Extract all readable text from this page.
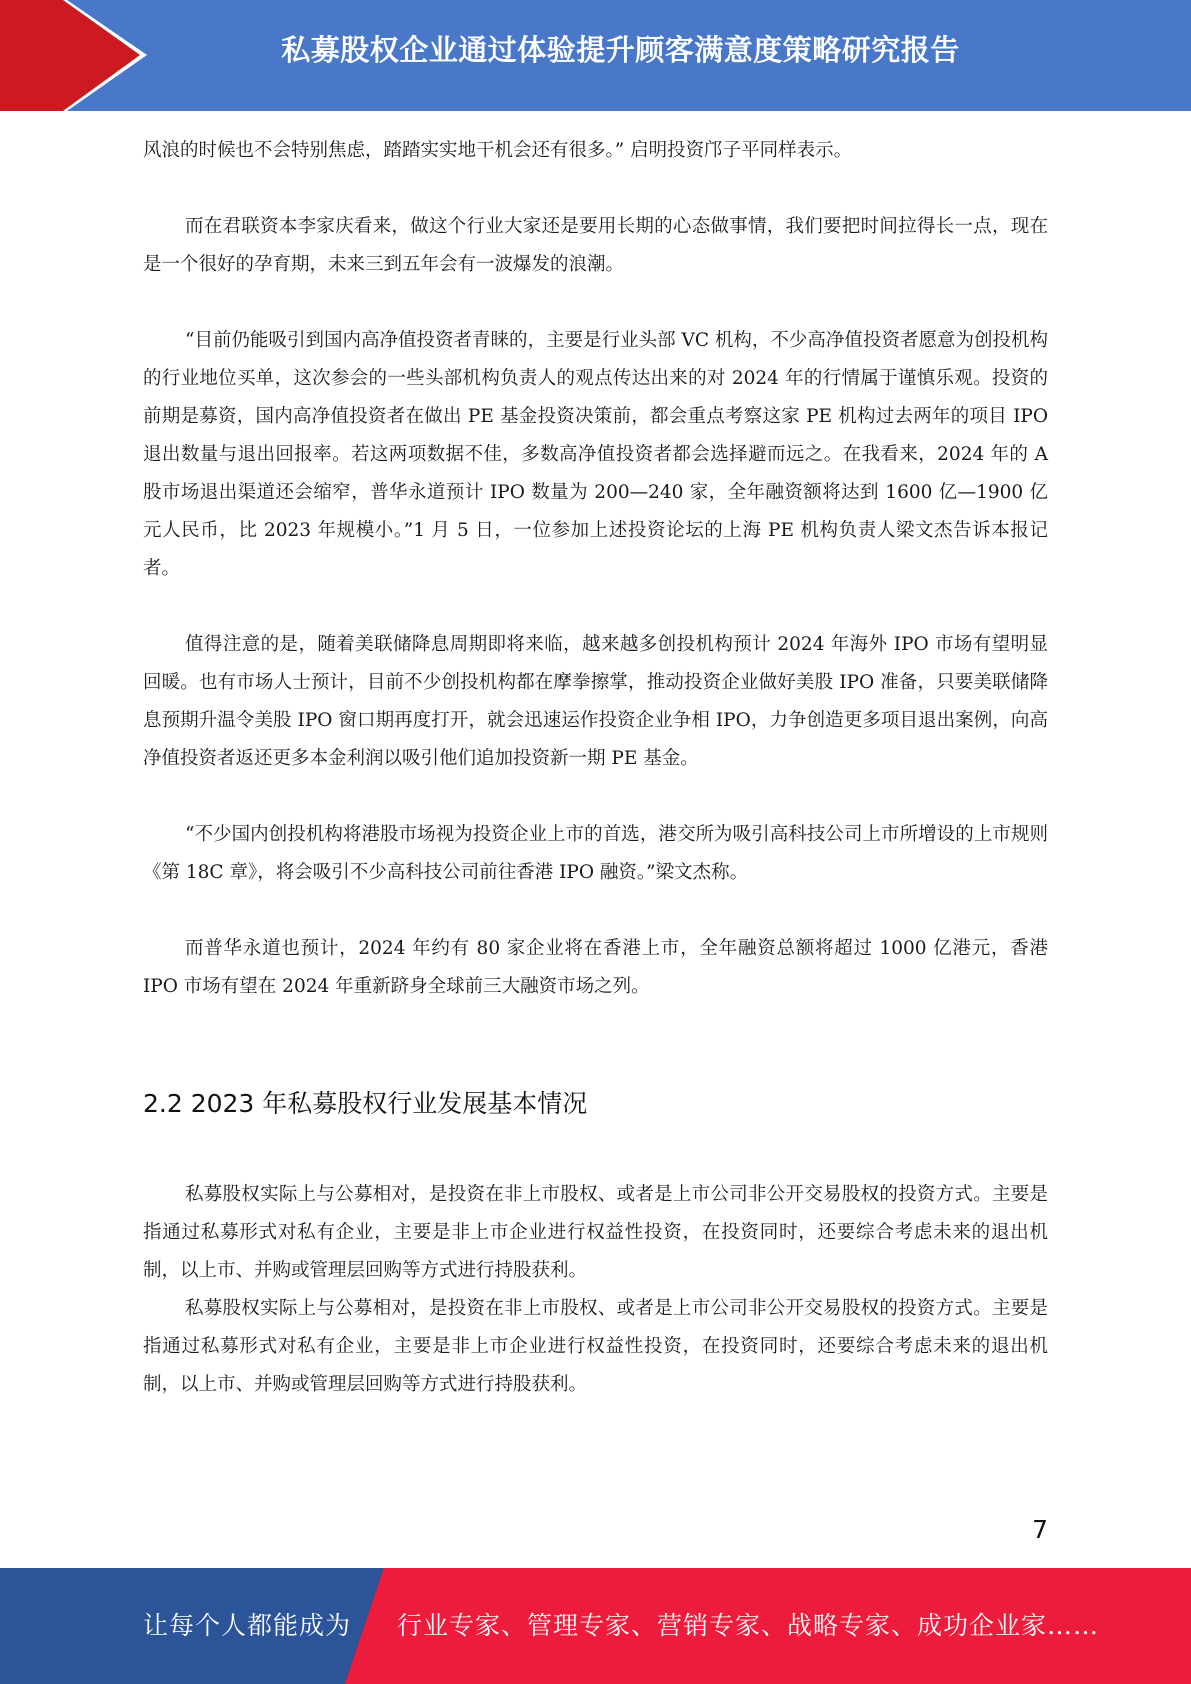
私募股权企业通过体验提升顾客满意度策略研究报告

风浪的时候也不会特别焦虑，踏踏实实地干机会还有很多。” 启明投资邝子平同样表示。

而在君联资本李家庆看来，做这个行业大家还是要用长期的心态做事情，我们要把时间拉得长一点，现在是一个很好的孕育期，未来三到五年会有一波爆发的浪潮。

“目前仍能吸引到国内高净值投资者青睐的，主要是行业头部 VC 机构，不少高净值投资者愿意为创投机构的行业地位买单，这次参会的一些头部机构负责人的观点传达出来的对 2024 年的行情属于谨慎乐观。投资的前期是募资，国内高净值投资者在做出 PE 基金投资决策前，都会重点考察这家 PE 机构过去两年的项目 IPO 退出数量与退出回报率。若这两项数据不佳，多数高净值投资者都会选择避而远之。在我看来，2024 年的 A 股市场退出渠道还会缩窄，普华永道预计 IPO 数量为 200—240 家，全年融资额将达到 1600 亿—1900 亿元人民币，比 2023 年规模小。”1 月 5 日，一位参加上述投资论坛的上海 PE 机构负责人梁文杰告诉本报记者。

值得注意的是，随着美联储降息周期即将来临，越来越多创投机构预计 2024 年海外 IPO 市场有望明显回暖。也有市场人士预计，目前不少创投机构都在摩拳擦掌，推动投资企业做好美股 IPO 准备，只要美联储降息预期升温令美股 IPO 窗口期再度打开，就会迅速运作投资企业争相 IPO，力争创造更多项目退出案例，向高净值投资者返还更多本金利润以吸引他们追加投资新一期 PE 基金。

“不少国内创投机构将港股市场视为投资企业上市的首选，港交所为吸引高科技公司上市所增设的上市规则《第 18C 章》，将会吸引不少高科技公司前往香港 IPO 融资。”梁文杰称。

而普华永道也预计，2024 年约有 80 家企业将在香港上市，全年融资总额将超过 1000 亿港元，香港 IPO 市场有望在 2024 年重新跻身全球前三大融资市场之列。

2.2 2023 年私募股权行业发展基本情况

私募股权实际上与公募相对，是投资在非上市股权、或者是上市公司非公开交易股权的投资方式。主要是指通过私募形式对私有企业，主要是非上市企业进行权益性投资，在投资同时，还要综合考虑未来的退出机制，以上市、并购或管理层回购等方式进行持股获利。

私募股权实际上与公募相对，是投资在非上市股权、或者是上市公司非公开交易股权的投资方式。主要是指通过私募形式对私有企业，主要是非上市企业进行权益性投资，在投资同时，还要综合考虑未来的退出机制，以上市、并购或管理层回购等方式进行持股获利。

7
让每个人都能成为 行业专家、管理专家、营销专家、战略专家、成功企业家……
